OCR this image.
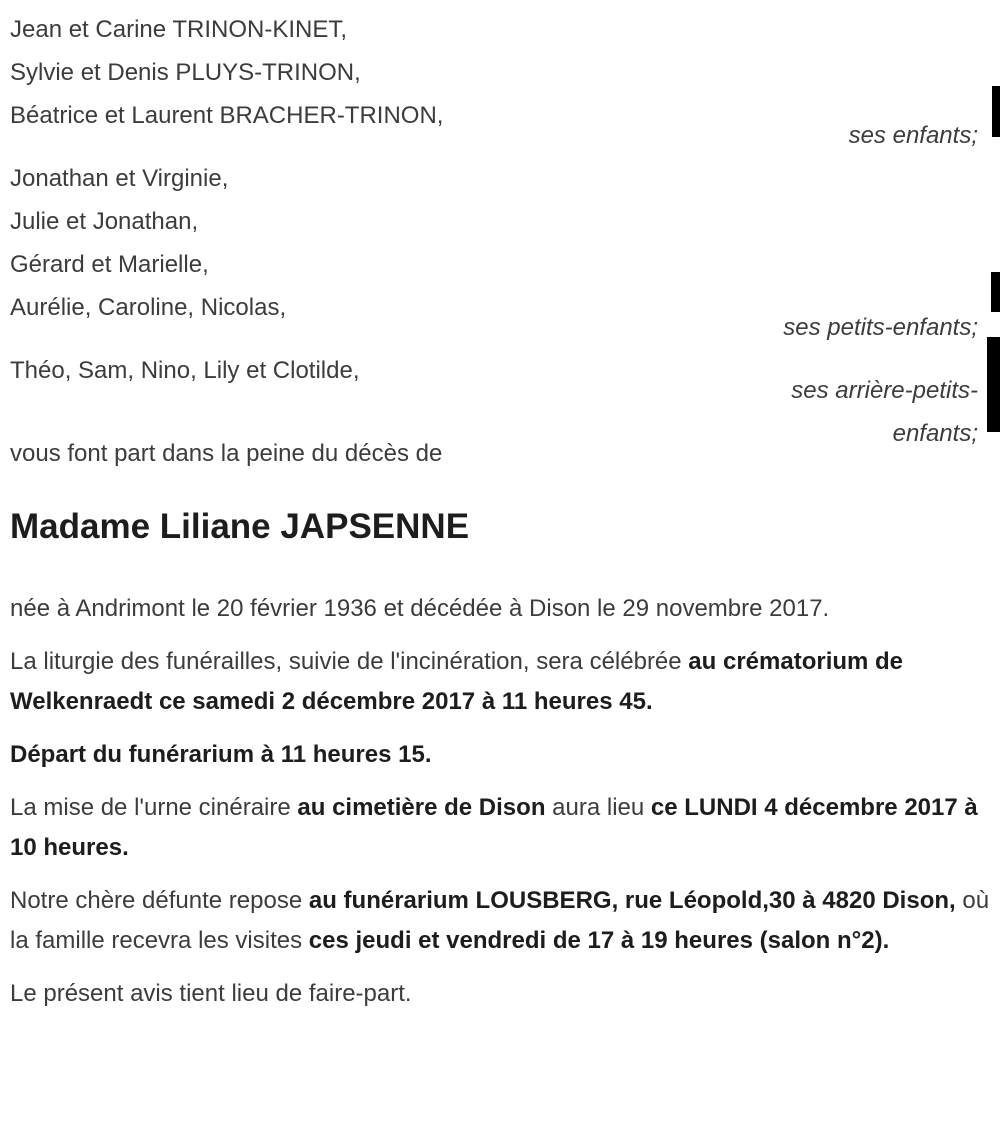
Jean et Carine TRINON-KINET,
Sylvie et Denis PLUYS-TRINON,
Béatrice et Laurent BRACHER-TRINON,
ses enfants;
Jonathan et Virginie,
Julie et Jonathan,
Gérard et Marielle,
Aurélie, Caroline, Nicolas,
ses petits-enfants;
Théo, Sam, Nino, Lily et Clotilde,
ses arrière-petits-
enfants;
vous font part dans la peine du décès de
Madame Liliane JAPSENNE

née à Andrimont le 20 février 1936 et décédée à Dison le 29 novembre 2017.

La liturgie des funérailles, suivie de l'incinération, sera célébrée au crématorium de Welkenraedt ce samedi 2 décembre 2017 à 11 heures 45.

Départ du funérarium à 11 heures 15.

La mise de l'urne cinéraire au cimetière de Dison aura lieu ce LUNDI 4 décembre 2017 à 10 heures.

Notre chère défunte repose au funérarium LOUSBERG, rue Léopold,30 à 4820 Dison, où la famille recevra les visites ces jeudi et vendredi de 17 à 19 heures (salon n°2).

Le présent avis tient lieu de faire-part.
